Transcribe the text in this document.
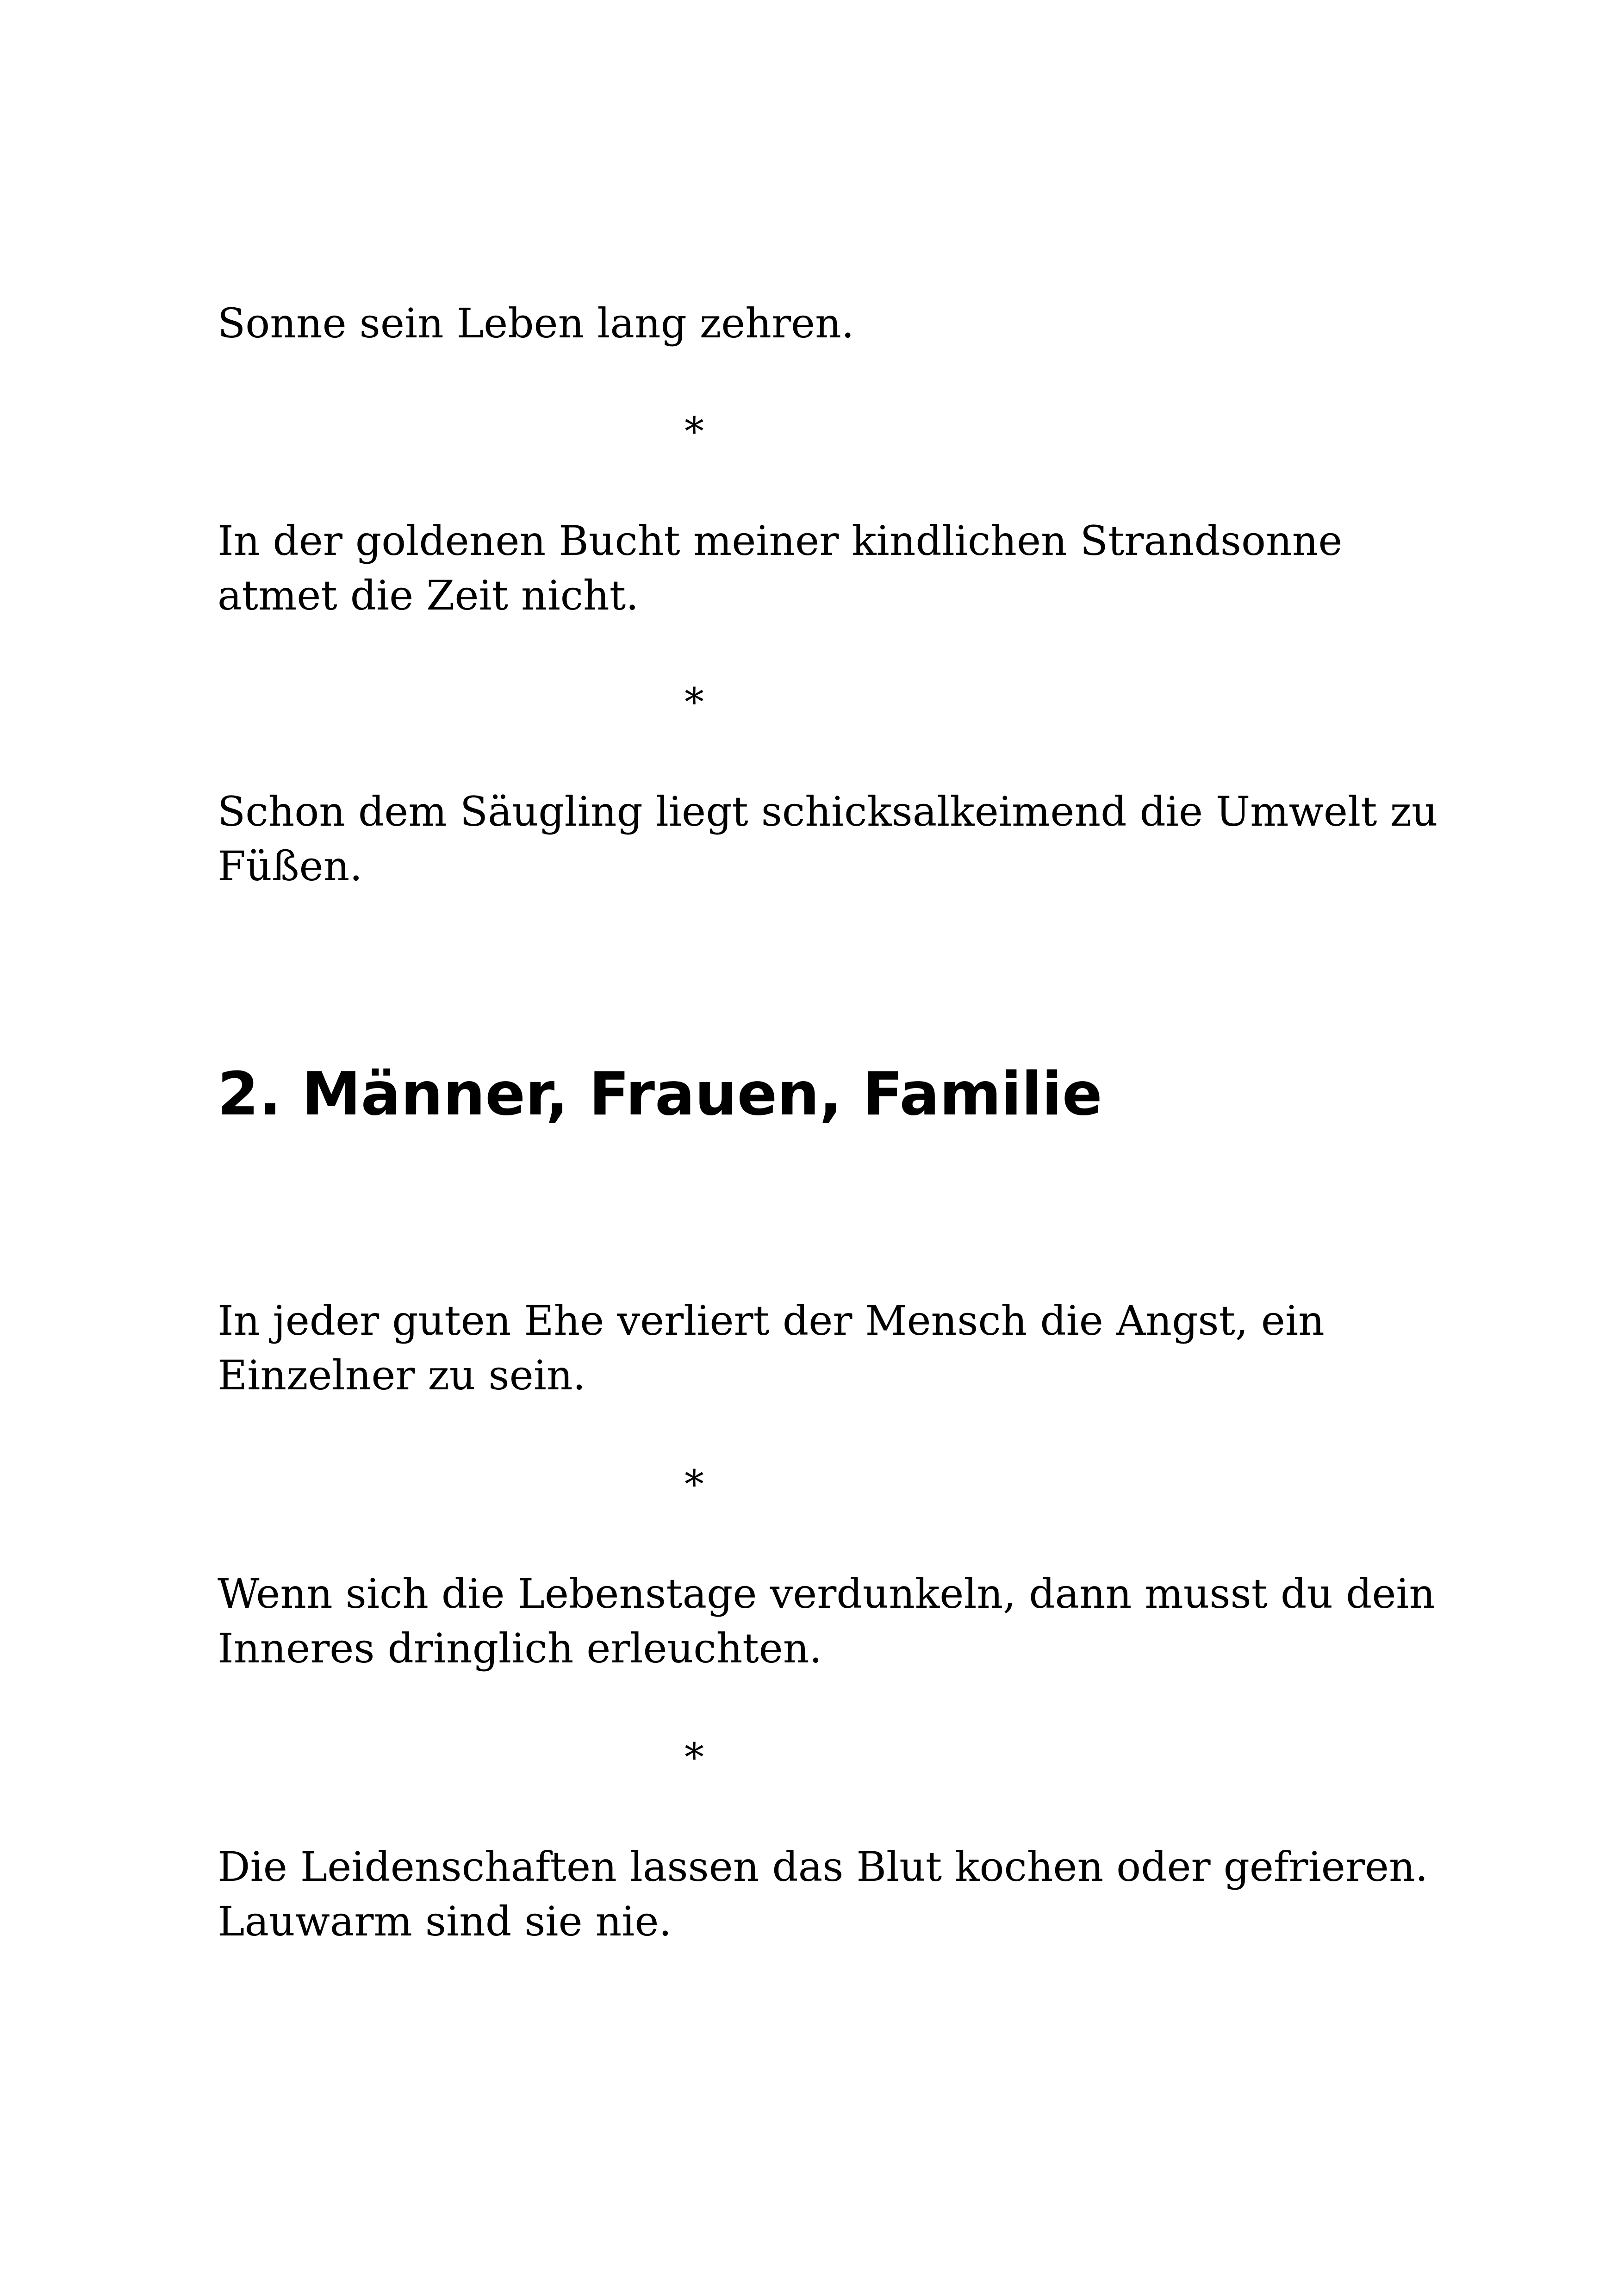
Sonne sein Leben lang zehren.

*

In der goldenen Bucht meiner kindlichen Strandsonne
atmet die Zeit nicht.

*

Schon dem Säugling liegt schicksalkeimend die Umwelt zu
Füßen.

2. Männer, Frauen, Familie

In jeder guten Ehe verliert der Mensch die Angst, ein
Einzelner zu sein.

*

Wenn sich die Lebenstage verdunkeln, dann musst du dein
Inneres dringlich erleuchten.

*

Die Leidenschaften lassen das Blut kochen oder gefrieren.
Lauwarm sind sie nie.
